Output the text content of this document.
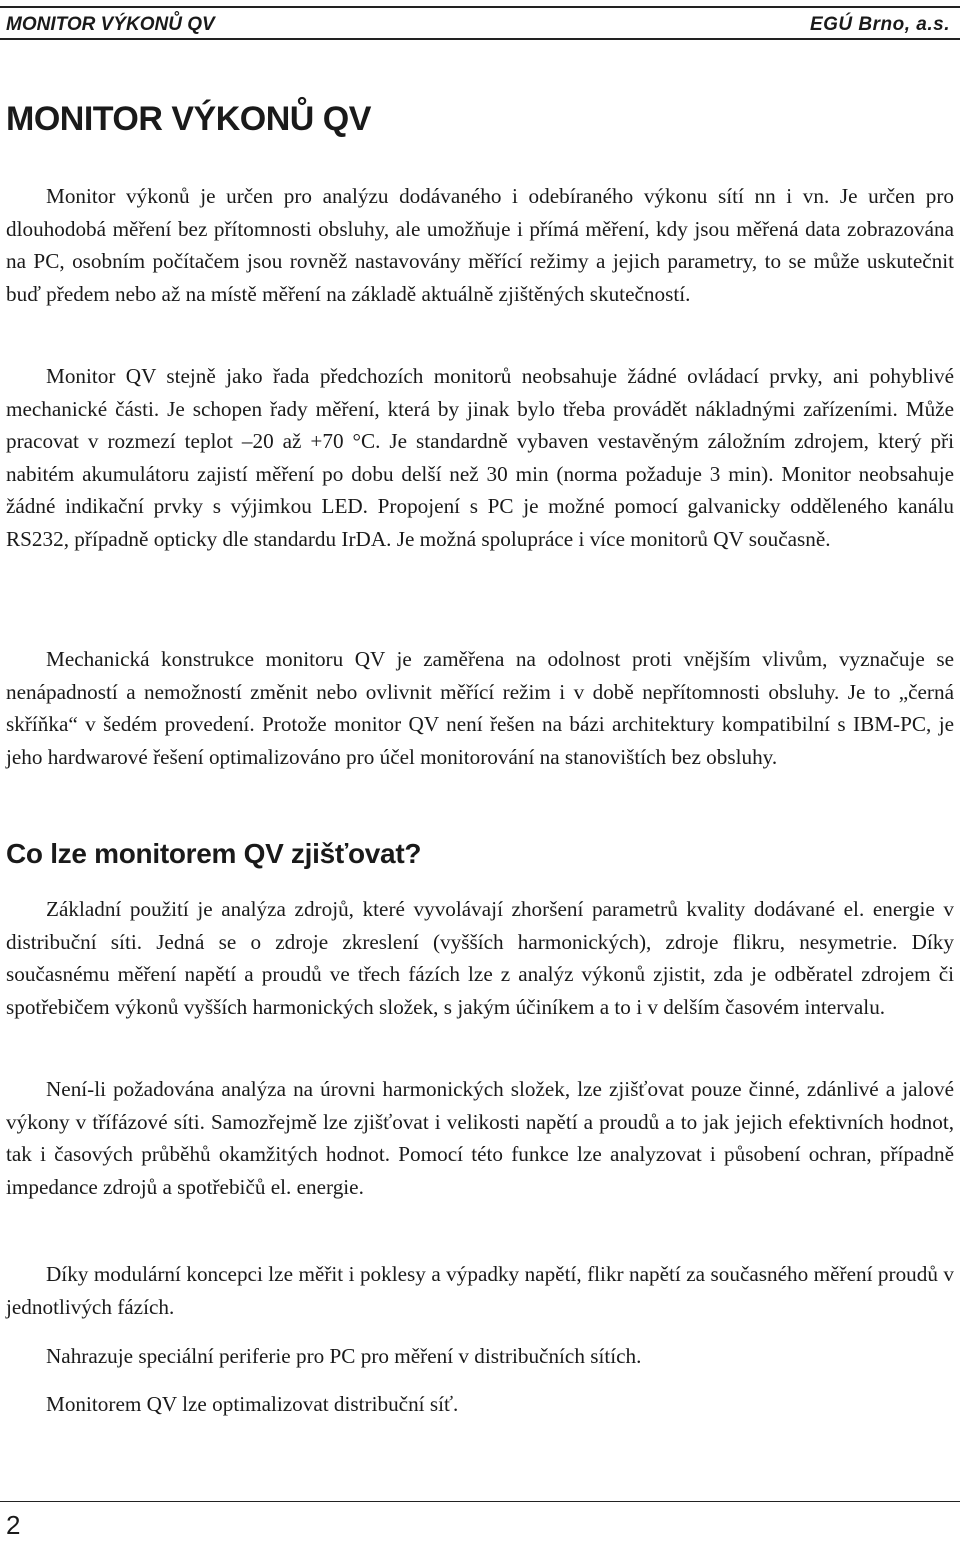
MONITOR VÝKONŮ QV	EGÚ Brno, a.s.
MONITOR VÝKONŮ QV

Monitor výkonů je určen pro analýzu dodávaného i odebíraného výkonu sítí nn i vn. Je určen pro dlouhodobá měření bez přítomnosti obsluhy, ale umožňuje i přímá měření, kdy jsou měřená data zobrazována na PC, osobním počítačem jsou rovněž nastavovány měřící režimy a jejich parametry, to se může uskutečnit buď předem nebo až na místě měření na základě aktuálně zjištěných skutečností.

Monitor QV stejně jako řada předchozích monitorů neobsahuje žádné ovládací prvky, ani pohyblivé mechanické části. Je schopen řady měření, která by jinak bylo třeba provádět nákladnými zařízeními. Může pracovat v rozmezí teplot –20 až +70 °C. Je standardně vybaven vestavěným záložním zdrojem, který při nabitém akumulátoru zajistí měření po dobu delší než 30 min (norma požaduje 3 min). Monitor neobsahuje žádné indikační prvky s výjimkou LED. Propojení s PC je možné pomocí galvanicky odděleného kanálu RS232, případně opticky dle standardu IrDA. Je možná spolupráce i více monitorů QV současně.

Mechanická konstrukce monitoru QV je zaměřena na odolnost proti vnějším vlivům, vyznačuje se nenápadností a nemožností změnit nebo ovlivnit měřící režim i v době nepřítomnosti obsluhy. Je to „černá skříňka“ v šedém provedení. Protože monitor QV není řešen na bázi architektury kompatibilní s IBM-PC, je jeho hardwarové řešení optimalizováno pro účel monitorování na stanovištích bez obsluhy.

Co lze monitorem QV zjišťovat?

Základní použití je analýza zdrojů, které vyvolávají zhoršení parametrů kvality dodávané el. energie v distribuční síti. Jedná se o zdroje zkreslení (vyšších harmonických), zdroje flikru, nesymetrie. Díky současnému měření napětí a proudů ve třech fázích lze z analýz výkonů zjistit, zda je odběratel zdrojem či spotřebičem výkonů vyšších harmonických složek, s jakým účiníkem a to i v delším časovém intervalu.

Není-li požadována analýza na úrovni harmonických složek, lze zjišťovat pouze činné, zdánlivé a jalové výkony v třífázové síti. Samozřejmě lze zjišťovat i velikosti napětí a proudů a to jak jejich efektivních hodnot, tak i časových průběhů okamžitých hodnot. Pomocí této funkce lze analyzovat i působení ochran, případně impedance zdrojů a spotřebičů el. energie.

Díky modulární koncepci lze měřit i poklesy a výpadky napětí, flikr napětí za současného měření proudů v jednotlivých fázích.

Nahrazuje speciální periferie pro PC pro měření v distribučních sítích.

Monitorem QV lze optimalizovat distribuční síť.

2
